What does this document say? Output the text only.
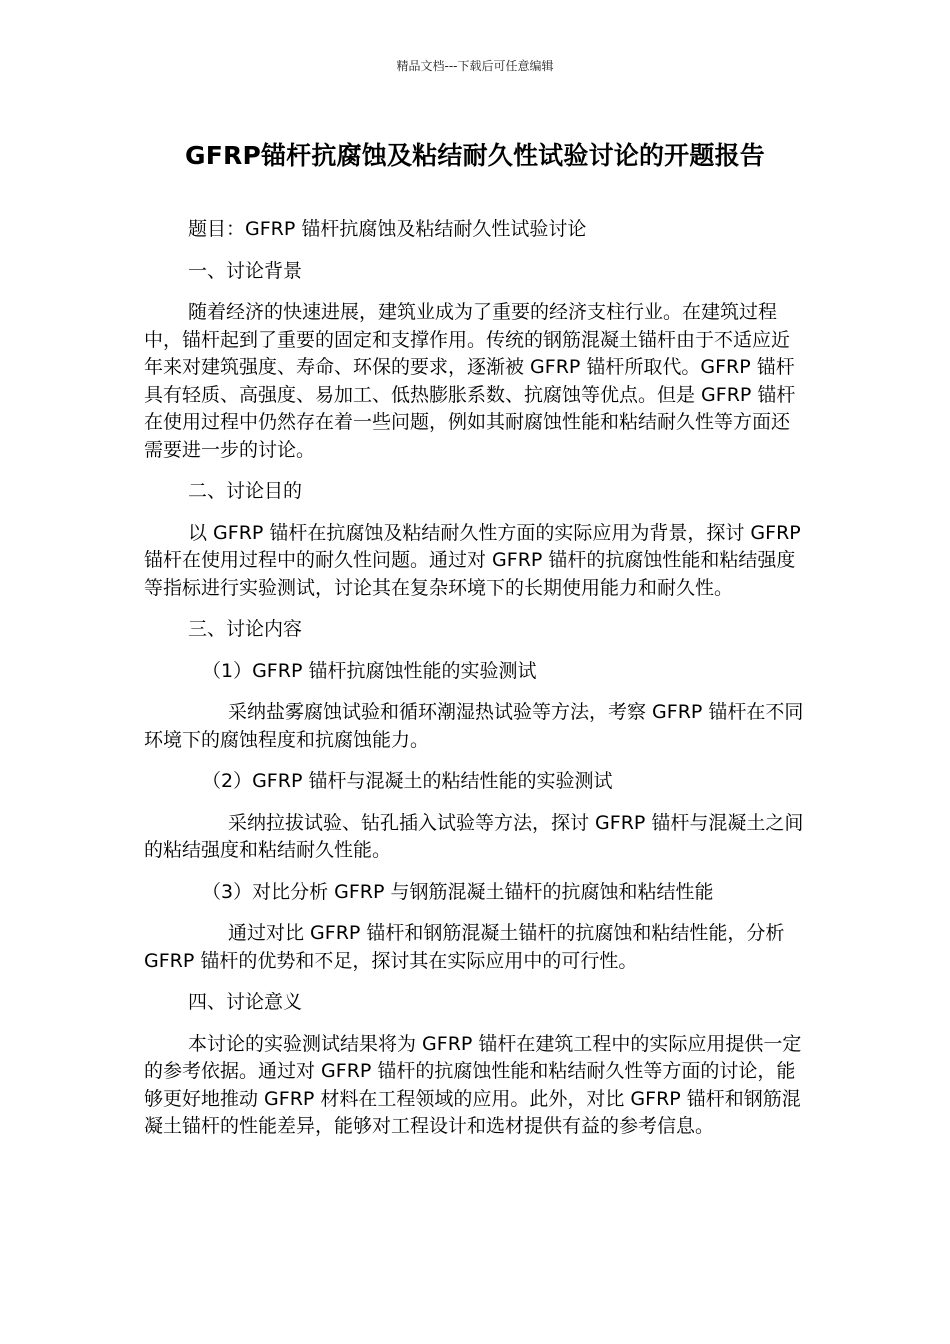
精品文档---下载后可任意编辑
GFRP锚杆抗腐蚀及粘结耐久性试验讨论的开题报告

题目：GFRP 锚杆抗腐蚀及粘结耐久性试验讨论

一、讨论背景

随着经济的快速进展，建筑业成为了重要的经济支柱行业。在建筑过程中，锚杆起到了重要的固定和支撑作用。传统的钢筋混凝土锚杆由于不适应近年来对建筑强度、寿命、环保的要求，逐渐被 GFRP 锚杆所取代。GFRP 锚杆具有轻质、高强度、易加工、低热膨胀系数、抗腐蚀等优点。但是 GFRP 锚杆在使用过程中仍然存在着一些问题，例如其耐腐蚀性能和粘结耐久性等方面还需要进一步的讨论。

二、讨论目的

以 GFRP 锚杆在抗腐蚀及粘结耐久性方面的实际应用为背景，探讨 GFRP 锚杆在使用过程中的耐久性问题。通过对 GFRP 锚杆的抗腐蚀性能和粘结强度等指标进行实验测试，讨论其在复杂环境下的长期使用能力和耐久性。

三、讨论内容

（1）GFRP 锚杆抗腐蚀性能的实验测试

采纳盐雾腐蚀试验和循环潮湿热试验等方法，考察 GFRP 锚杆在不同环境下的腐蚀程度和抗腐蚀能力。

（2）GFRP 锚杆与混凝土的粘结性能的实验测试

采纳拉拔试验、钻孔插入试验等方法，探讨 GFRP 锚杆与混凝土之间的粘结强度和粘结耐久性能。

（3）对比分析 GFRP 与钢筋混凝土锚杆的抗腐蚀和粘结性能

通过对比 GFRP 锚杆和钢筋混凝土锚杆的抗腐蚀和粘结性能，分析 GFRP 锚杆的优势和不足，探讨其在实际应用中的可行性。

四、讨论意义

本讨论的实验测试结果将为 GFRP 锚杆在建筑工程中的实际应用提供一定的参考依据。通过对 GFRP 锚杆的抗腐蚀性能和粘结耐久性等方面的讨论，能够更好地推动 GFRP 材料在工程领域的应用。此外，对比 GFRP 锚杆和钢筋混凝土锚杆的性能差异，能够对工程设计和选材提供有益的参考信息。
